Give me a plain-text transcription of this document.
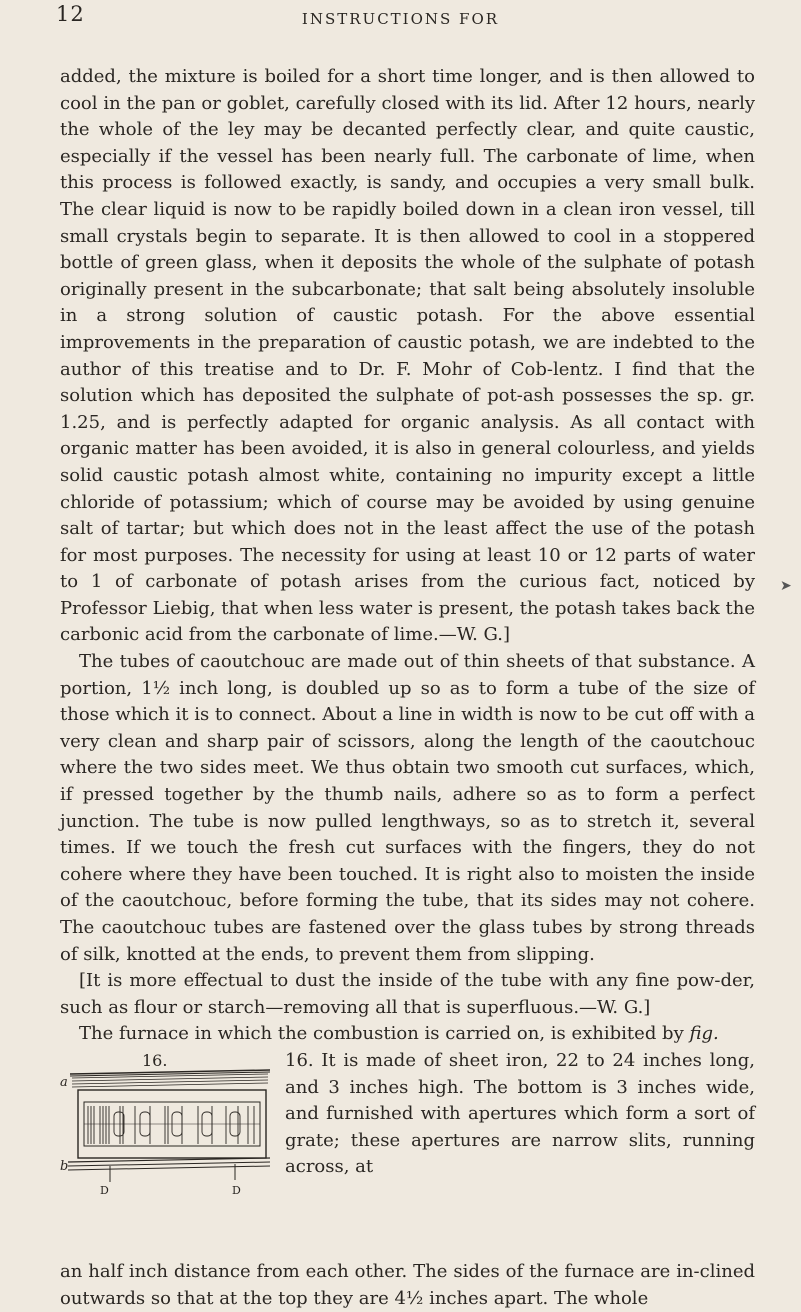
12	INSTRUCTIONS FOR
➤

added, the mixture is boiled for a short time longer, and is then allowed to cool in the pan or goblet, carefully closed with its lid. After 12 hours, nearly the whole of the ley may be decanted perfectly clear, and quite caustic, especially if the vessel has been nearly full. The carbonate of lime, when this process is followed exactly, is sandy, and occupies a very small bulk. The clear liquid is now to be rapidly boiled down in a clean iron vessel, till small crystals begin to separate. It is then allowed to cool in a stoppered bottle of green glass, when it deposits the whole of the sulphate of potash originally present in the subcarbonate; that salt being absolutely insoluble in a strong solution of caustic potash. For the above essential improvements in the preparation of caustic potash, we are indebted to the author of this treatise and to Dr. F. Mohr of Cob-lentz. I find that the solution which has deposited the sulphate of pot-ash possesses the sp. gr. 1.25, and is perfectly adapted for organic analysis. As all contact with organic matter has been avoided, it is also in general colourless, and yields solid caustic potash almost white, containing no impurity except a little chloride of potassium; which of course may be avoided by using genuine salt of tartar; but which does not in the least affect the use of the potash for most purposes. The necessity for using at least 10 or 12 parts of water to 1 of carbonate of potash arises from the curious fact, noticed by Professor Liebig, that when less water is present, the potash takes back the carbonic acid from the carbonate of lime.—W. G.]

The tubes of caoutchouc are made out of thin sheets of that substance. A portion, 1½ inch long, is doubled up so as to form a tube of the size of those which it is to connect. About a line in width is now to be cut off with a very clean and sharp pair of scissors, along the length of the caoutchouc where the two sides meet. We thus obtain two smooth cut surfaces, which, if pressed together by the thumb nails, adhere so as to form a perfect junction. The tube is now pulled lengthways, so as to stretch it, several times. If we touch the fresh cut surfaces with the fingers, they do not cohere where they have been touched. It is right also to moisten the inside of the caoutchouc, before forming the tube, that its sides may not cohere. The caoutchouc tubes are fastened over the glass tubes by strong threads of silk, knotted at the ends, to prevent them from slipping.

[It is more effectual to dust the inside of the tube with any fine pow-der, such as flour or starch—removing all that is superfluous.—W. G.]

The furnace in which the combustion is carried on, is exhibited by fig.

16.
a
b
D	D

16. It is made of sheet iron, 22 to 24 inches long, and 3 inches high. The bottom is 3 inches wide, and furnished with apertures which form a sort of grate; these apertures are narrow slits, running across, at

an half inch distance from each other. The sides of the furnace are in-clined outwards so that at the top they are 4½ inches apart. The whole
